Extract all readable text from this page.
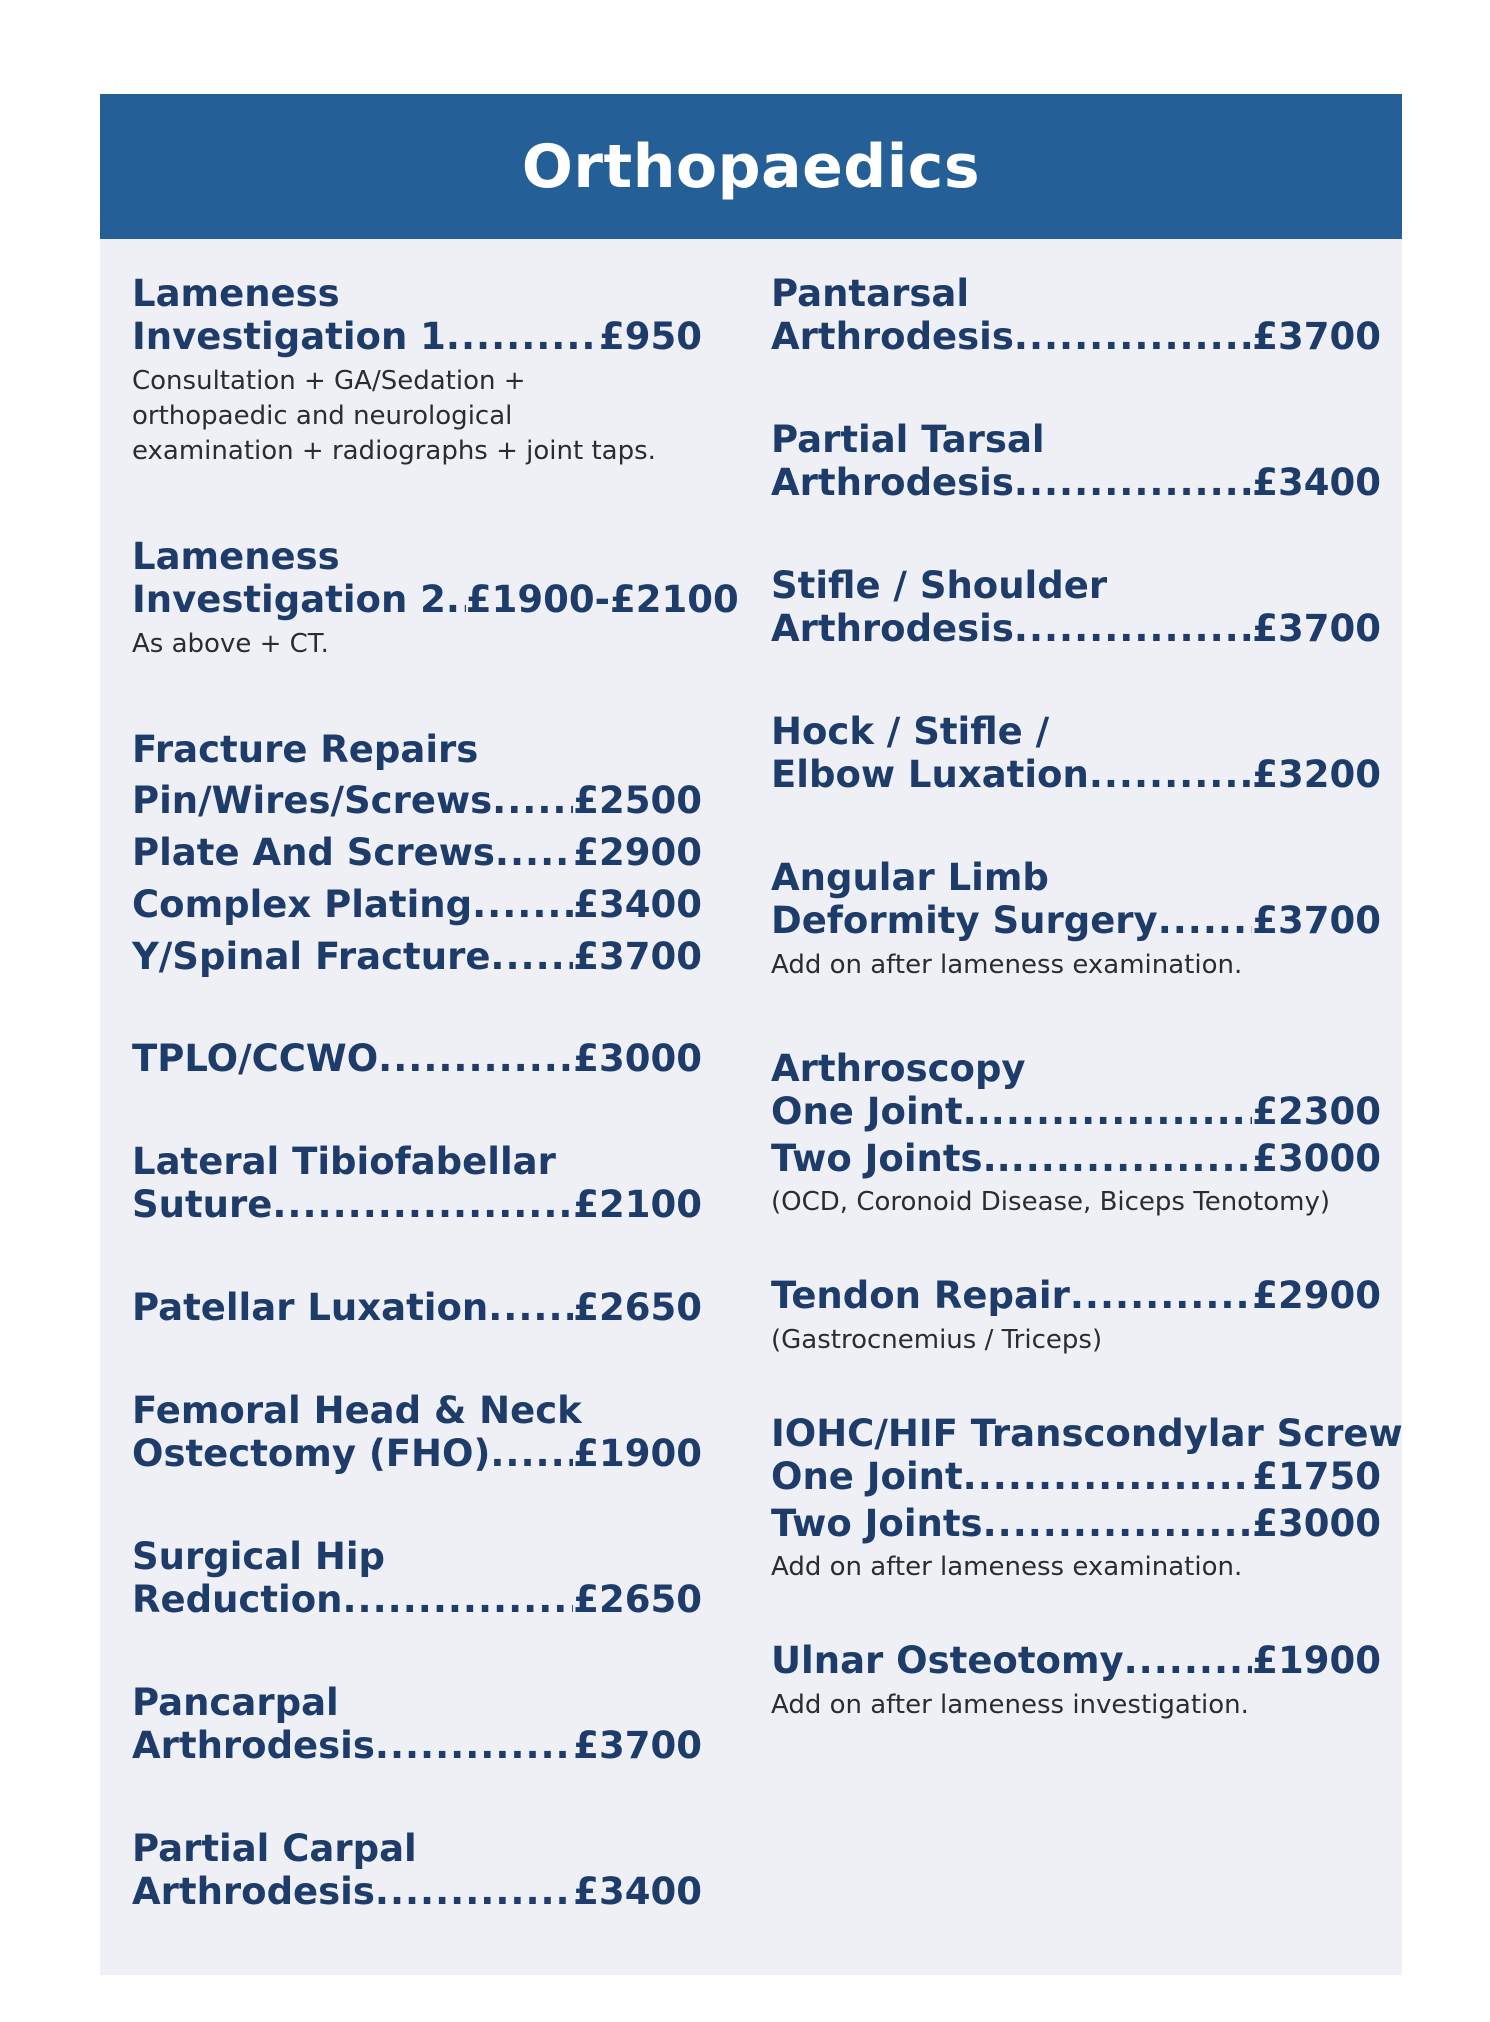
Orthopaedics
Lameness
Investigation 1 .....	£950
Consultation + GA/Sedation +
orthopaedic and neurological
examination + radiographs + joint taps.
Lameness
Investigation 2 ..... £1900-£2100
As above + CT.
Fracture Repairs
Pin/Wires/Screws ..... £2500
Plate And Screws ..... £2900
Complex Plating .....	£3400
Y/Spinal Fracture ..... £3700
TPLO/CCWO .....	£3000
Lateral Tibiofabellar
Suture .....	£2100
Patellar Luxation ..... £2650
Femoral Head & Neck
Ostectomy (FHO) ..... £1900
Surgical Hip
Reduction .....	£2650
Pancarpal
Arthrodesis .....	£3700
Partial Carpal
Arthrodesis .....	£3400
Pantarsal
Arthrodesis .....	£3700
Partial Tarsal
Arthrodesis .....	£3400
Stifle / Shoulder
Arthrodesis .....	£3700
Hock / Stifle /
Elbow Luxation .....	£3200
Angular Limb
Deformity Surgery .....	£3700
Add on after lameness examination.
Arthroscopy
One Joint.. .....	£2300
Two Joints.. .....	£3000
(OCD, Coronoid Disease, Biceps Tenotomy)
Tendon Repair .....	£2900
(Gastrocnemius / Triceps)
IOHC/HIF Transcondylar Screw
One Joint .....	£1750
Two Joints .....	£3000
Add on after lameness examination.
Ulnar Osteotomy .....	£1900
Add on after lameness investigation.
